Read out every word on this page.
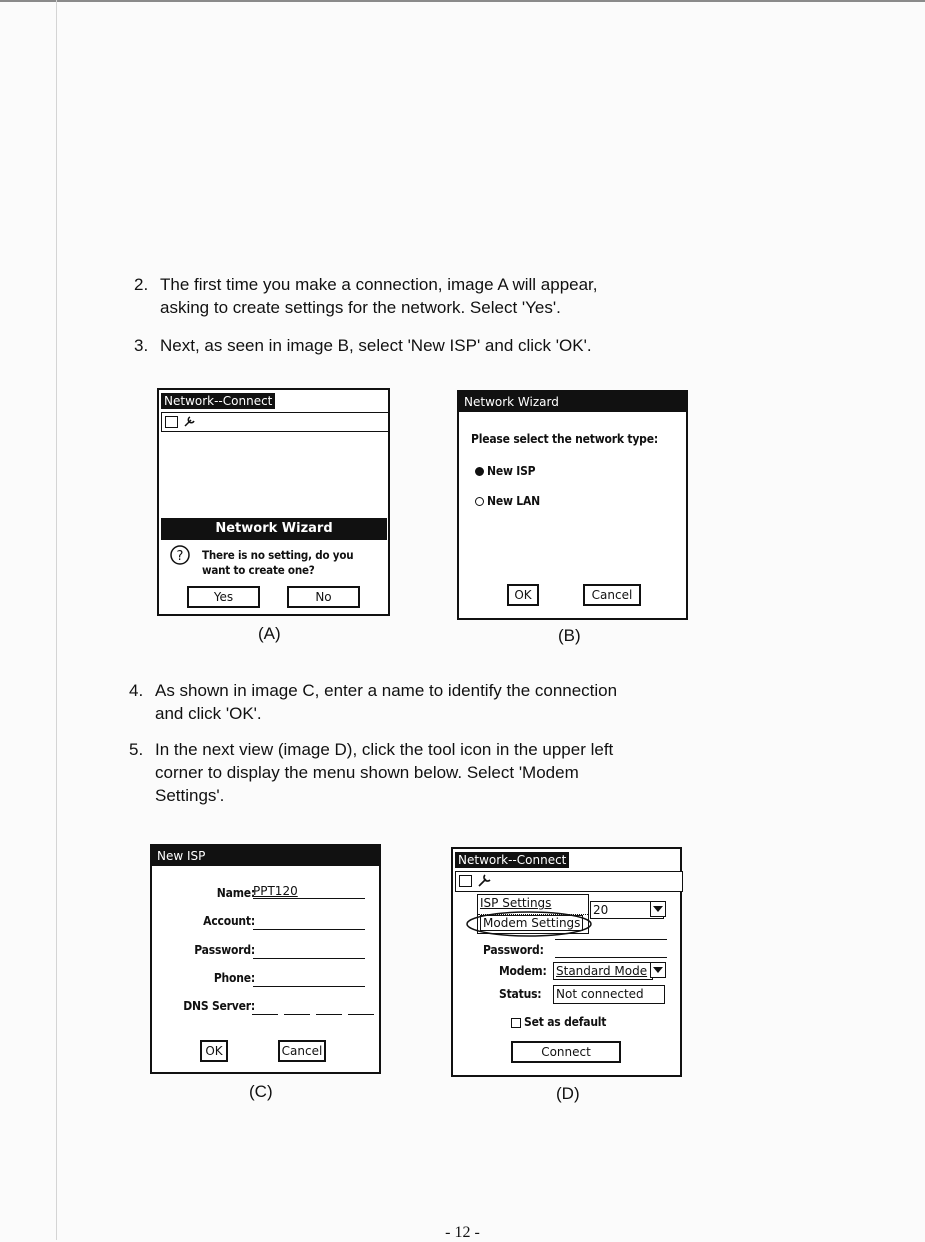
2. The first time you make a connection, image A will appear,
asking to create settings for the network. Select 'Yes'.
3. Next, as seen in image B, select 'New ISP' and click 'OK'.
Network--Connect
Network Wizard
? There is no setting, do you
want to create one?
Yes	No
(A)
Network Wizard
Please select the network type:
New ISP
New LAN
OK	Cancel
(B)
4. As shown in image C, enter a name to identify the connection
and click 'OK'.
5. In the next view (image D), click the tool icon in the upper left
corner to display the menu shown below. Select 'Modem
Settings'.
New ISP
Name:
PPT120
Account:
Password:
Phone:
DNS Server:
OK	Cancel
(C)
Network--Connect
ISP Settings
Modem Settings
20
Password:
Modem: Standard Mode
Status: Not connected
Set as default
Connect
(D)
- 12 -
